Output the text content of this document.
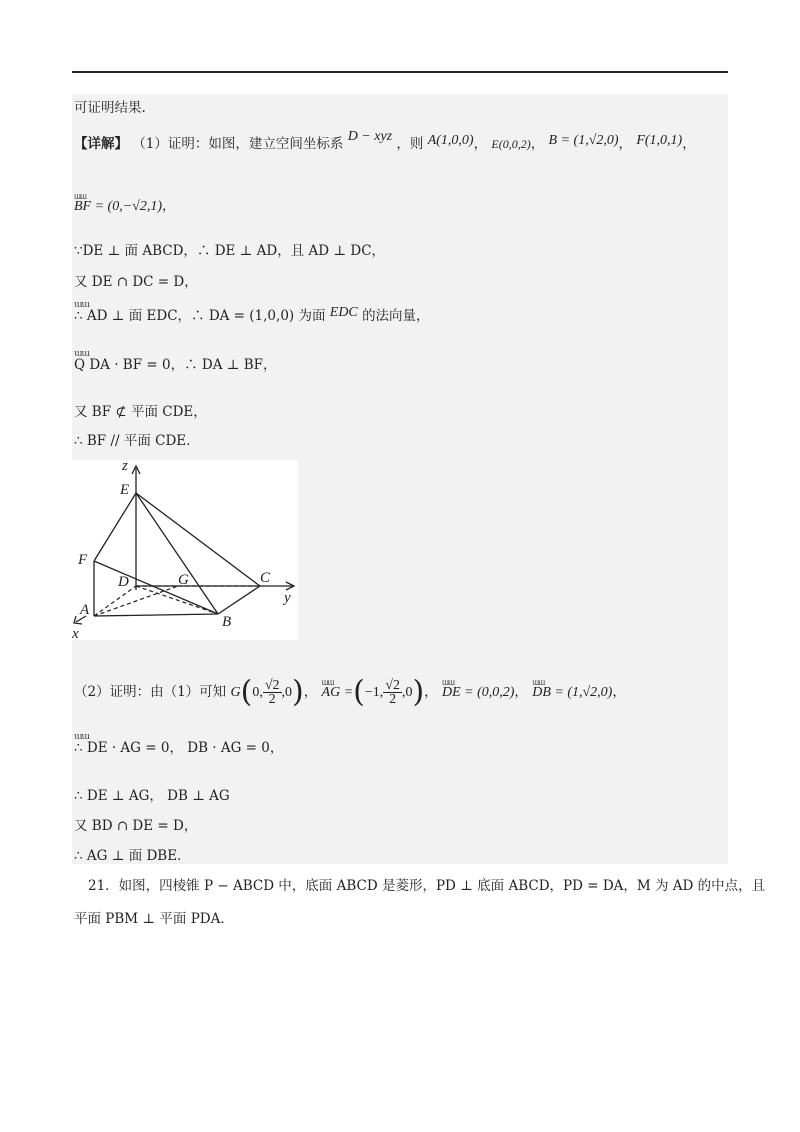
可证明结果.
【详解】 （1）证明：如图，建立空间坐标系 D − xyz ，则 A(1,0,0)， E(0,0,2)， B = (1,√2,0)， F(1,0,1)，
ɯɯ BF = (0,−√2,1)，
∵DE ⊥ 面 ABCD，∴ DE ⊥ AD，且 AD ⊥ DC，
又 DE ∩ DC = D，
ɯɯ ∴ AD ⊥ 面 EDC，∴ DA = (1,0,0) 为面 EDC 的法向量，
ɯɯ Q DA · BF = 0，∴ DA ⊥ BF，
又 BF ⊄ 平面 CDE，
∴ BF // 平面 CDE．
z
E
F
D	G	C
y
A
B
x
（2）证明：由（1）可知 G(0, $\frac{√2}{2} ,0$)， ɯɯ AG =(−1, $\frac{√2}{2} ,0$)， ɯɯ DE = (0,0,2)， ɯɯ DB = (1,√2,0)，
ɯɯ ∴ DE · AG = 0， DB · AG = 0，
∴ DE ⊥ AG， DB ⊥ AG
又 BD ∩ DE = D，
∴ AG ⊥ 面 DBE．
21．如图，四棱锥 P − ABCD 中，底面 ABCD 是菱形，PD ⊥ 底面 ABCD，PD = DA，M 为 AD 的中点，且
平面 PBM ⊥ 平面 PDA．
